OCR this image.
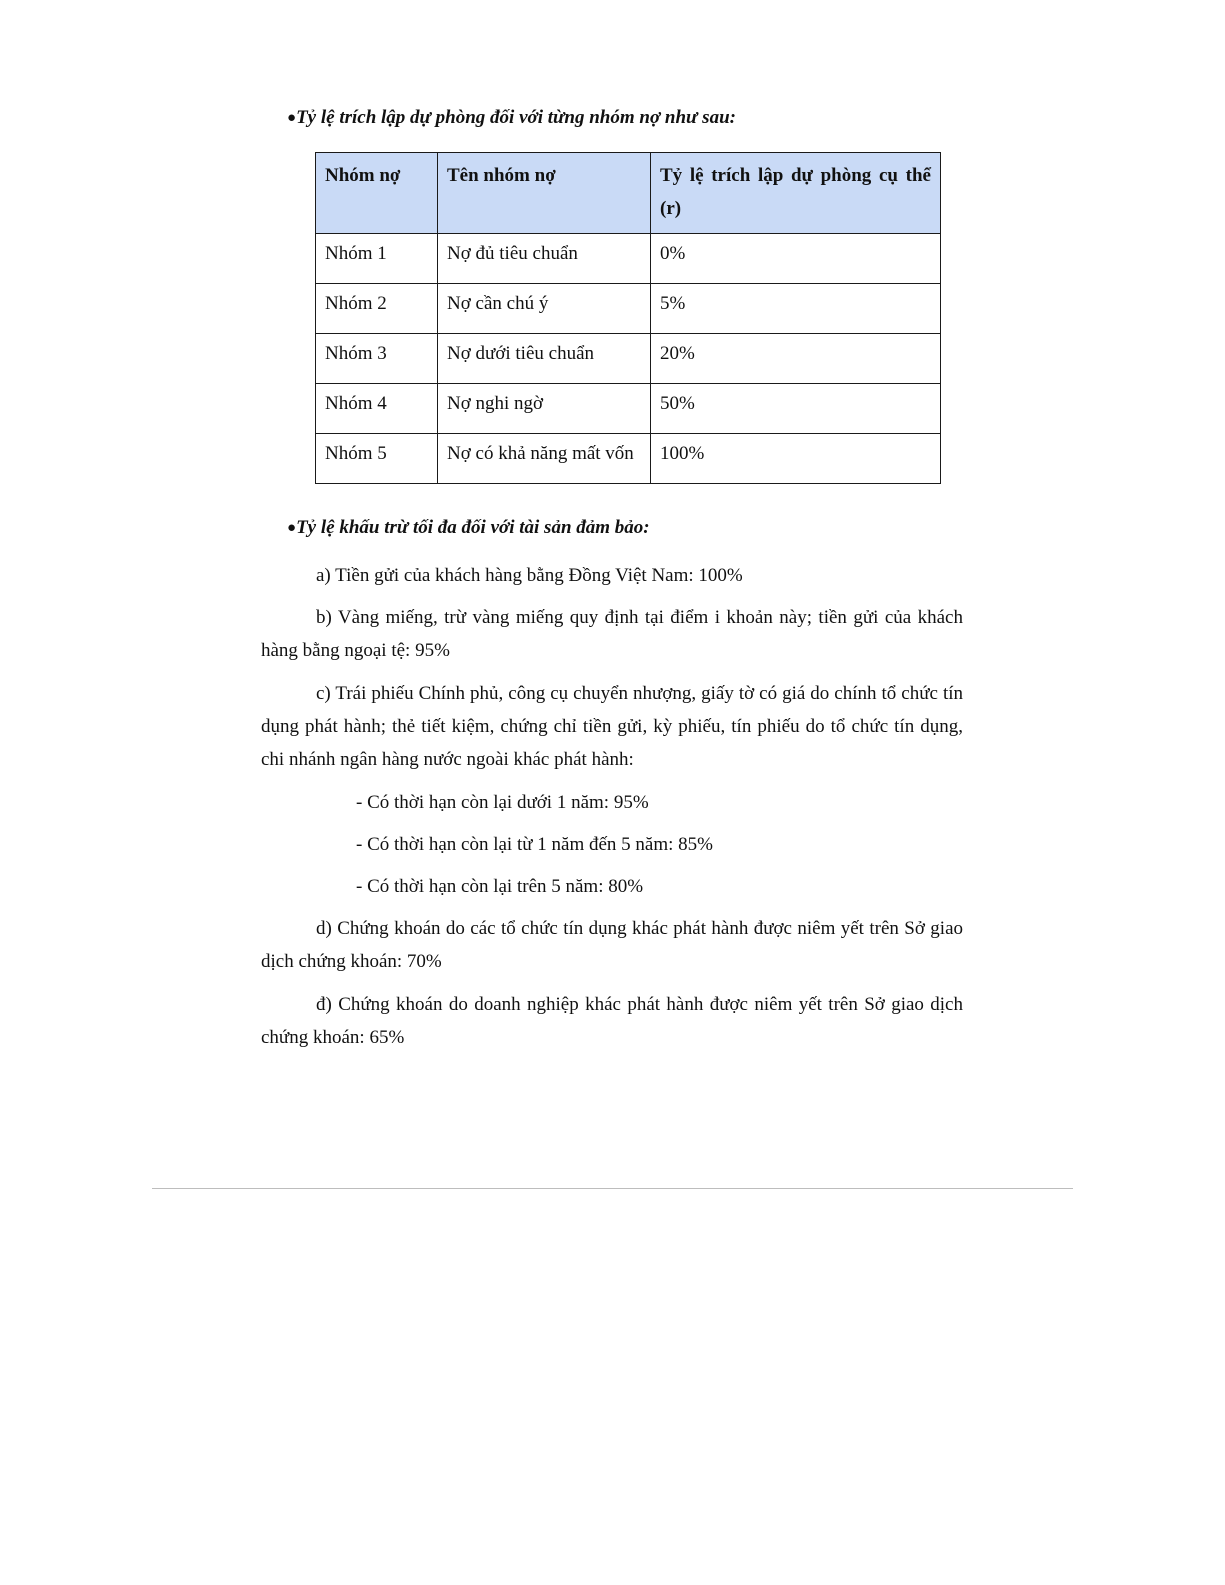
●Tỷ lệ trích lập dự phòng đối với từng nhóm nợ như sau:
Nhóm nợ	Tên nhóm nợ	Tỷ lệ trích lập dự phòng cụ thể (r)
Nhóm 1	Nợ đủ tiêu chuẩn	0%
Nhóm 2	Nợ cần chú ý	5%
Nhóm 3	Nợ dưới tiêu chuẩn	20%
Nhóm 4	Nợ nghi ngờ	50%
Nhóm 5	Nợ có khả năng mất vốn	100%
●Tỷ lệ khấu trừ tối đa đối với tài sản đảm bảo:

a) Tiền gửi của khách hàng bằng Đồng Việt Nam: 100%

b) Vàng miếng, trừ vàng miếng quy định tại điểm i khoản này; tiền gửi của khách hàng bằng ngoại tệ: 95%

c) Trái phiếu Chính phủ, công cụ chuyển nhượng, giấy tờ có giá do chính tổ chức tín dụng phát hành; thẻ tiết kiệm, chứng chỉ tiền gửi, kỳ phiếu, tín phiếu do tổ chức tín dụng, chi nhánh ngân hàng nước ngoài khác phát hành:

- Có thời hạn còn lại dưới 1 năm: 95%

- Có thời hạn còn lại từ 1 năm đến 5 năm: 85%

- Có thời hạn còn lại trên 5 năm: 80%

d) Chứng khoán do các tổ chức tín dụng khác phát hành được niêm yết trên Sở giao dịch chứng khoán: 70%

đ) Chứng khoán do doanh nghiệp khác phát hành được niêm yết trên Sở giao dịch chứng khoán: 65%
